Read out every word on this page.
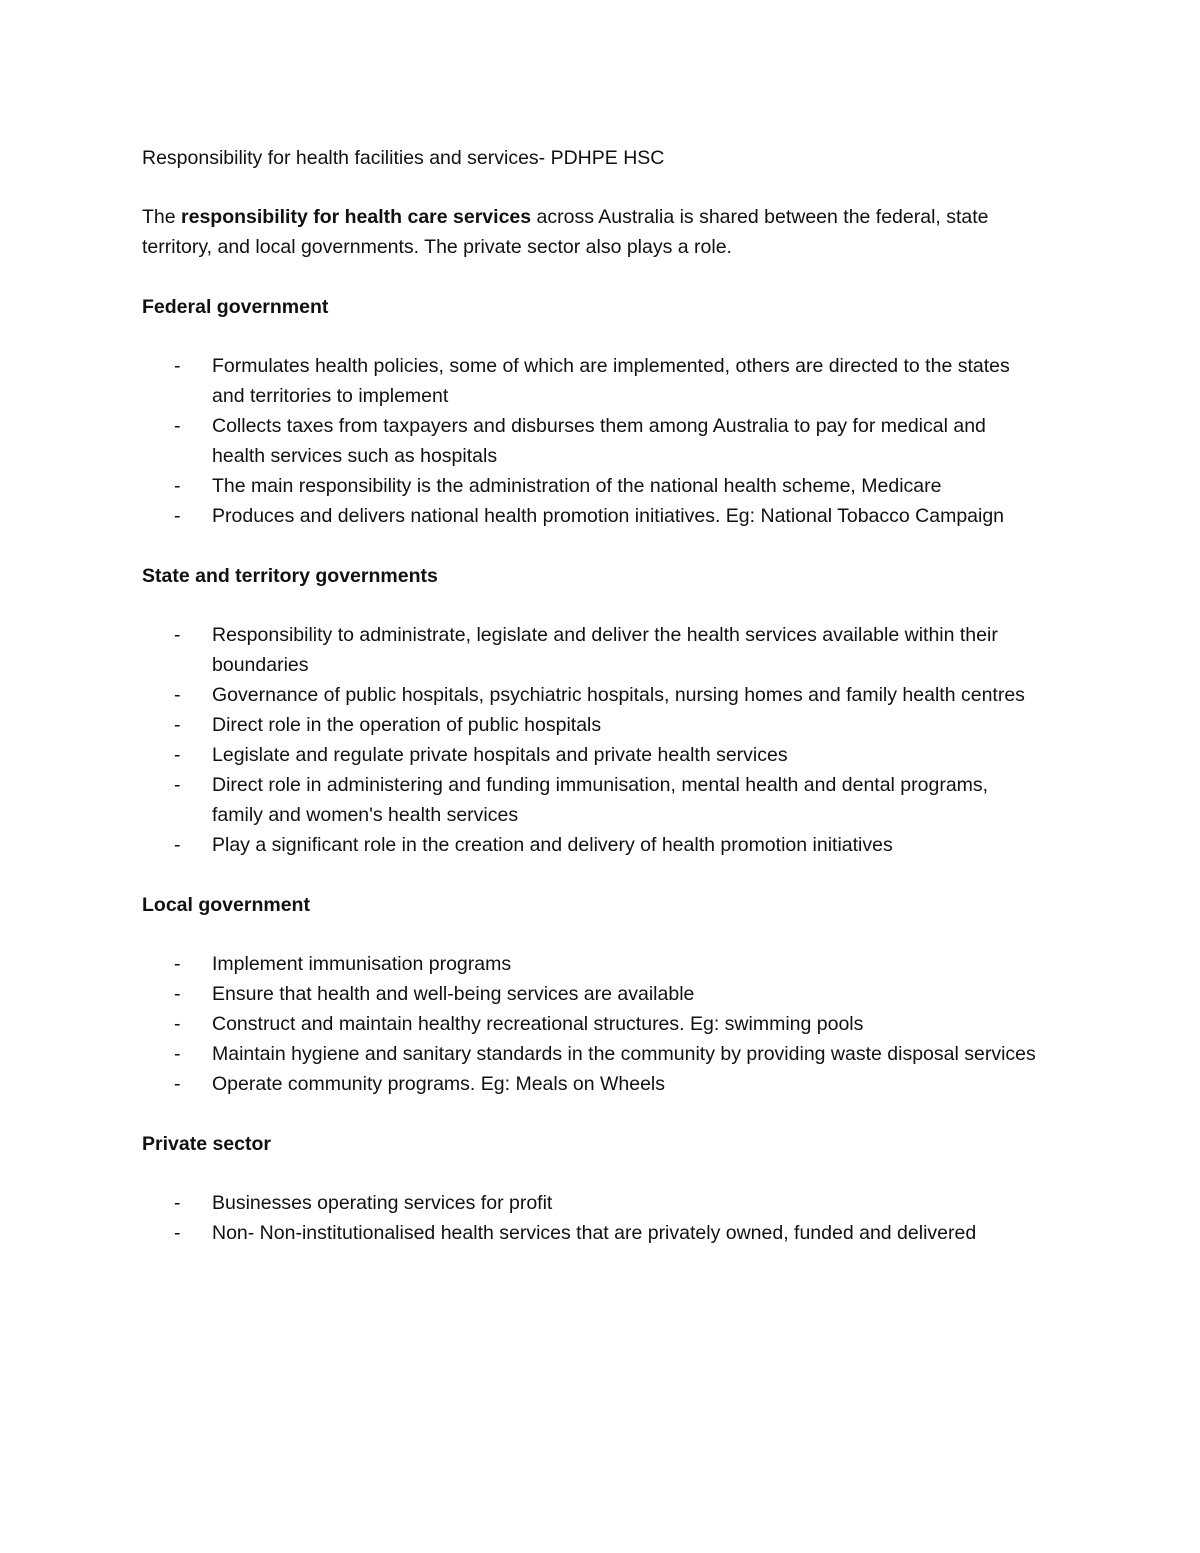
Responsibility for health facilities and services- PDHPE HSC

The responsibility for health care services across Australia is shared between the federal, state territory, and local governments. The private sector also plays a role.

Federal government

- Formulates health policies, some of which are implemented, others are directed to the states and territories to implement
- Collects taxes from taxpayers and disburses them among Australia to pay for medical and health services such as hospitals
- The main responsibility is the administration of the national health scheme, Medicare
- Produces and delivers national health promotion initiatives. Eg: National Tobacco Campaign

State and territory governments

- Responsibility to administrate, legislate and deliver the health services available within their boundaries
- Governance of public hospitals, psychiatric hospitals, nursing homes and family health centres
- Direct role in the operation of public hospitals
- Legislate and regulate private hospitals and private health services
- Direct role in administering and funding immunisation, mental health and dental programs, family and women's health services
- Play a significant role in the creation and delivery of health promotion initiatives

Local government

- Implement immunisation programs
- Ensure that health and well-being services are available
- Construct and maintain healthy recreational structures. Eg: swimming pools
- Maintain hygiene and sanitary standards in the community by providing waste disposal services
- Operate community programs. Eg: Meals on Wheels

Private sector

- Businesses operating services for profit
- Non- Non-institutionalised health services that are privately owned, funded and delivered
